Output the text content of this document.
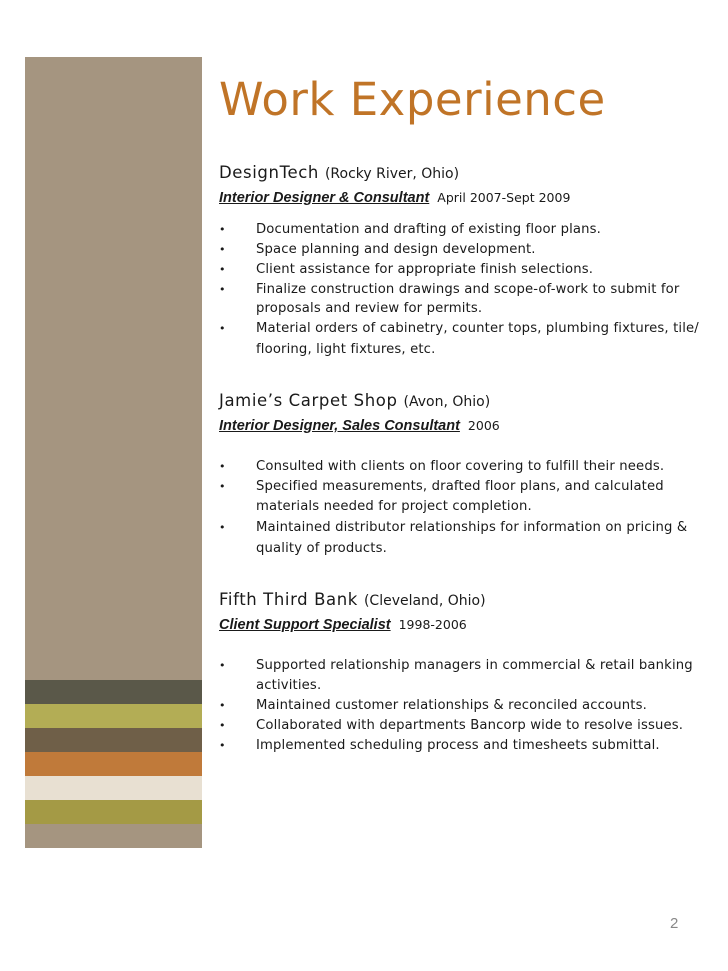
Work Experience
DesignTech (Rocky River, Ohio)
Interior Designer & Consultant April 2007-Sept 2009
• Documentation and drafting of existing floor plans.
• Space planning and design development.
• Client assistance for appropriate finish selections.
• Finalize construction drawings and scope-of-work to submit for proposals and review for permits.
• Material orders of cabinetry, counter tops, plumbing fixtures, tile/ flooring, light fixtures, etc.
Jamie’s Carpet Shop (Avon, Ohio)
Interior Designer, Sales Consultant 2006
• Consulted with clients on floor covering to fulfill their needs.
• Specified measurements, drafted floor plans, and calculated materials needed for project completion.
• Maintained distributor relationships for information on pricing & quality of products.
Fifth Third Bank (Cleveland, Ohio)
Client Support Specialist 1998-2006
• Supported relationship managers in commercial & retail banking activities.
• Maintained customer relationships & reconciled accounts.
• Collaborated with departments Bancorp wide to resolve issues.
• Implemented scheduling process and timesheets submittal.
2
